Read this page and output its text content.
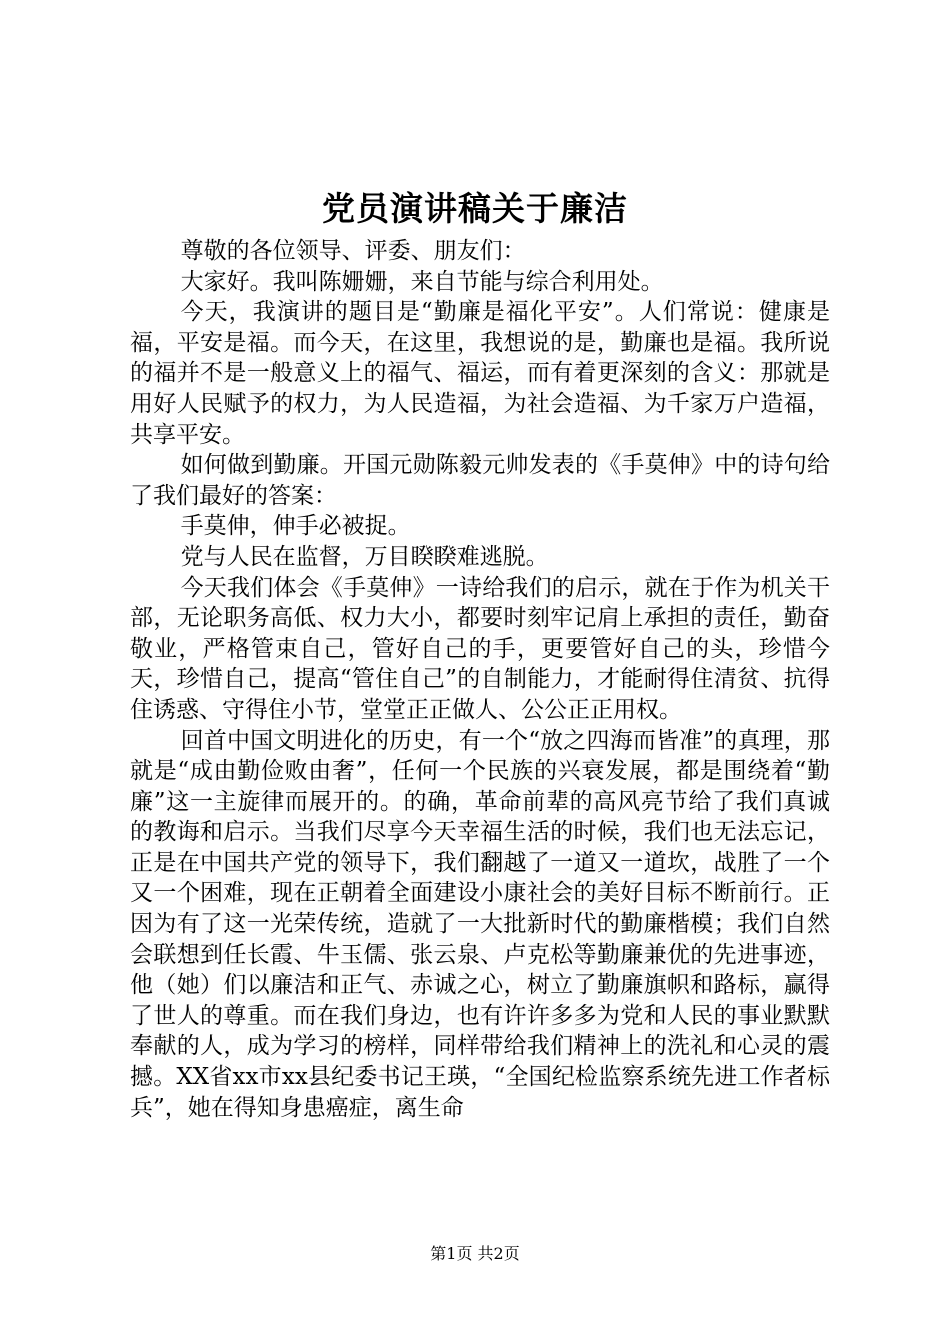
党员演讲稿关于廉洁

尊敬的各位领导、评委、朋友们：

大家好。我叫陈姗姗，来自节能与综合利用处。

今天，我演讲的题目是“勤廉是福化平安”。人们常说：健康是福，平安是福。而今天，在这里，我想说的是，勤廉也是福。我所说的福并不是一般意义上的福气、福运，而有着更深刻的含义：那就是用好人民赋予的权力，为人民造福，为社会造福、为千家万户造福，共享平安。

如何做到勤廉。开国元勋陈毅元帅发表的《手莫伸》中的诗句给了我们最好的答案：

手莫伸，伸手必被捉。

党与人民在监督，万目睽睽难逃脱。

今天我们体会《手莫伸》一诗给我们的启示，就在于作为机关干部，无论职务高低、权力大小，都要时刻牢记肩上承担的责任，勤奋敬业，严格管束自己，管好自己的手，更要管好自己的头，珍惜今天，珍惜自己，提高“管住自己”的自制能力，才能耐得住清贫、抗得住诱惑、守得住小节，堂堂正正做人、公公正正用权。

回首中国文明进化的历史，有一个“放之四海而皆准”的真理，那就是“成由勤俭败由奢”，任何一个民族的兴衰发展，都是围绕着“勤廉”这一主旋律而展开的。的确，革命前辈的高风亮节给了我们真诚的教诲和启示。当我们尽享今天幸福生活的时候，我们也无法忘记，正是在中国共产党的领导下，我们翻越了一道又一道坎，战胜了一个又一个困难，现在正朝着全面建设小康社会的美好目标不断前行。正因为有了这一光荣传统，造就了一大批新时代的勤廉楷模；我们自然会联想到任长霞、牛玉儒、张云泉、卢克松等勤廉兼优的先进事迹，他（她）们以廉洁和正气、赤诚之心，树立了勤廉旗帜和路标，赢得了世人的尊重。而在我们身边，也有许许多多为党和人民的事业默默奉献的人，成为学习的榜样，同样带给我们精神上的洗礼和心灵的震撼。XX省xx市xx县纪委书记王瑛，“全国纪检监察系统先进工作者标兵”，她在得知身患癌症，离生命

第1页 共2页
